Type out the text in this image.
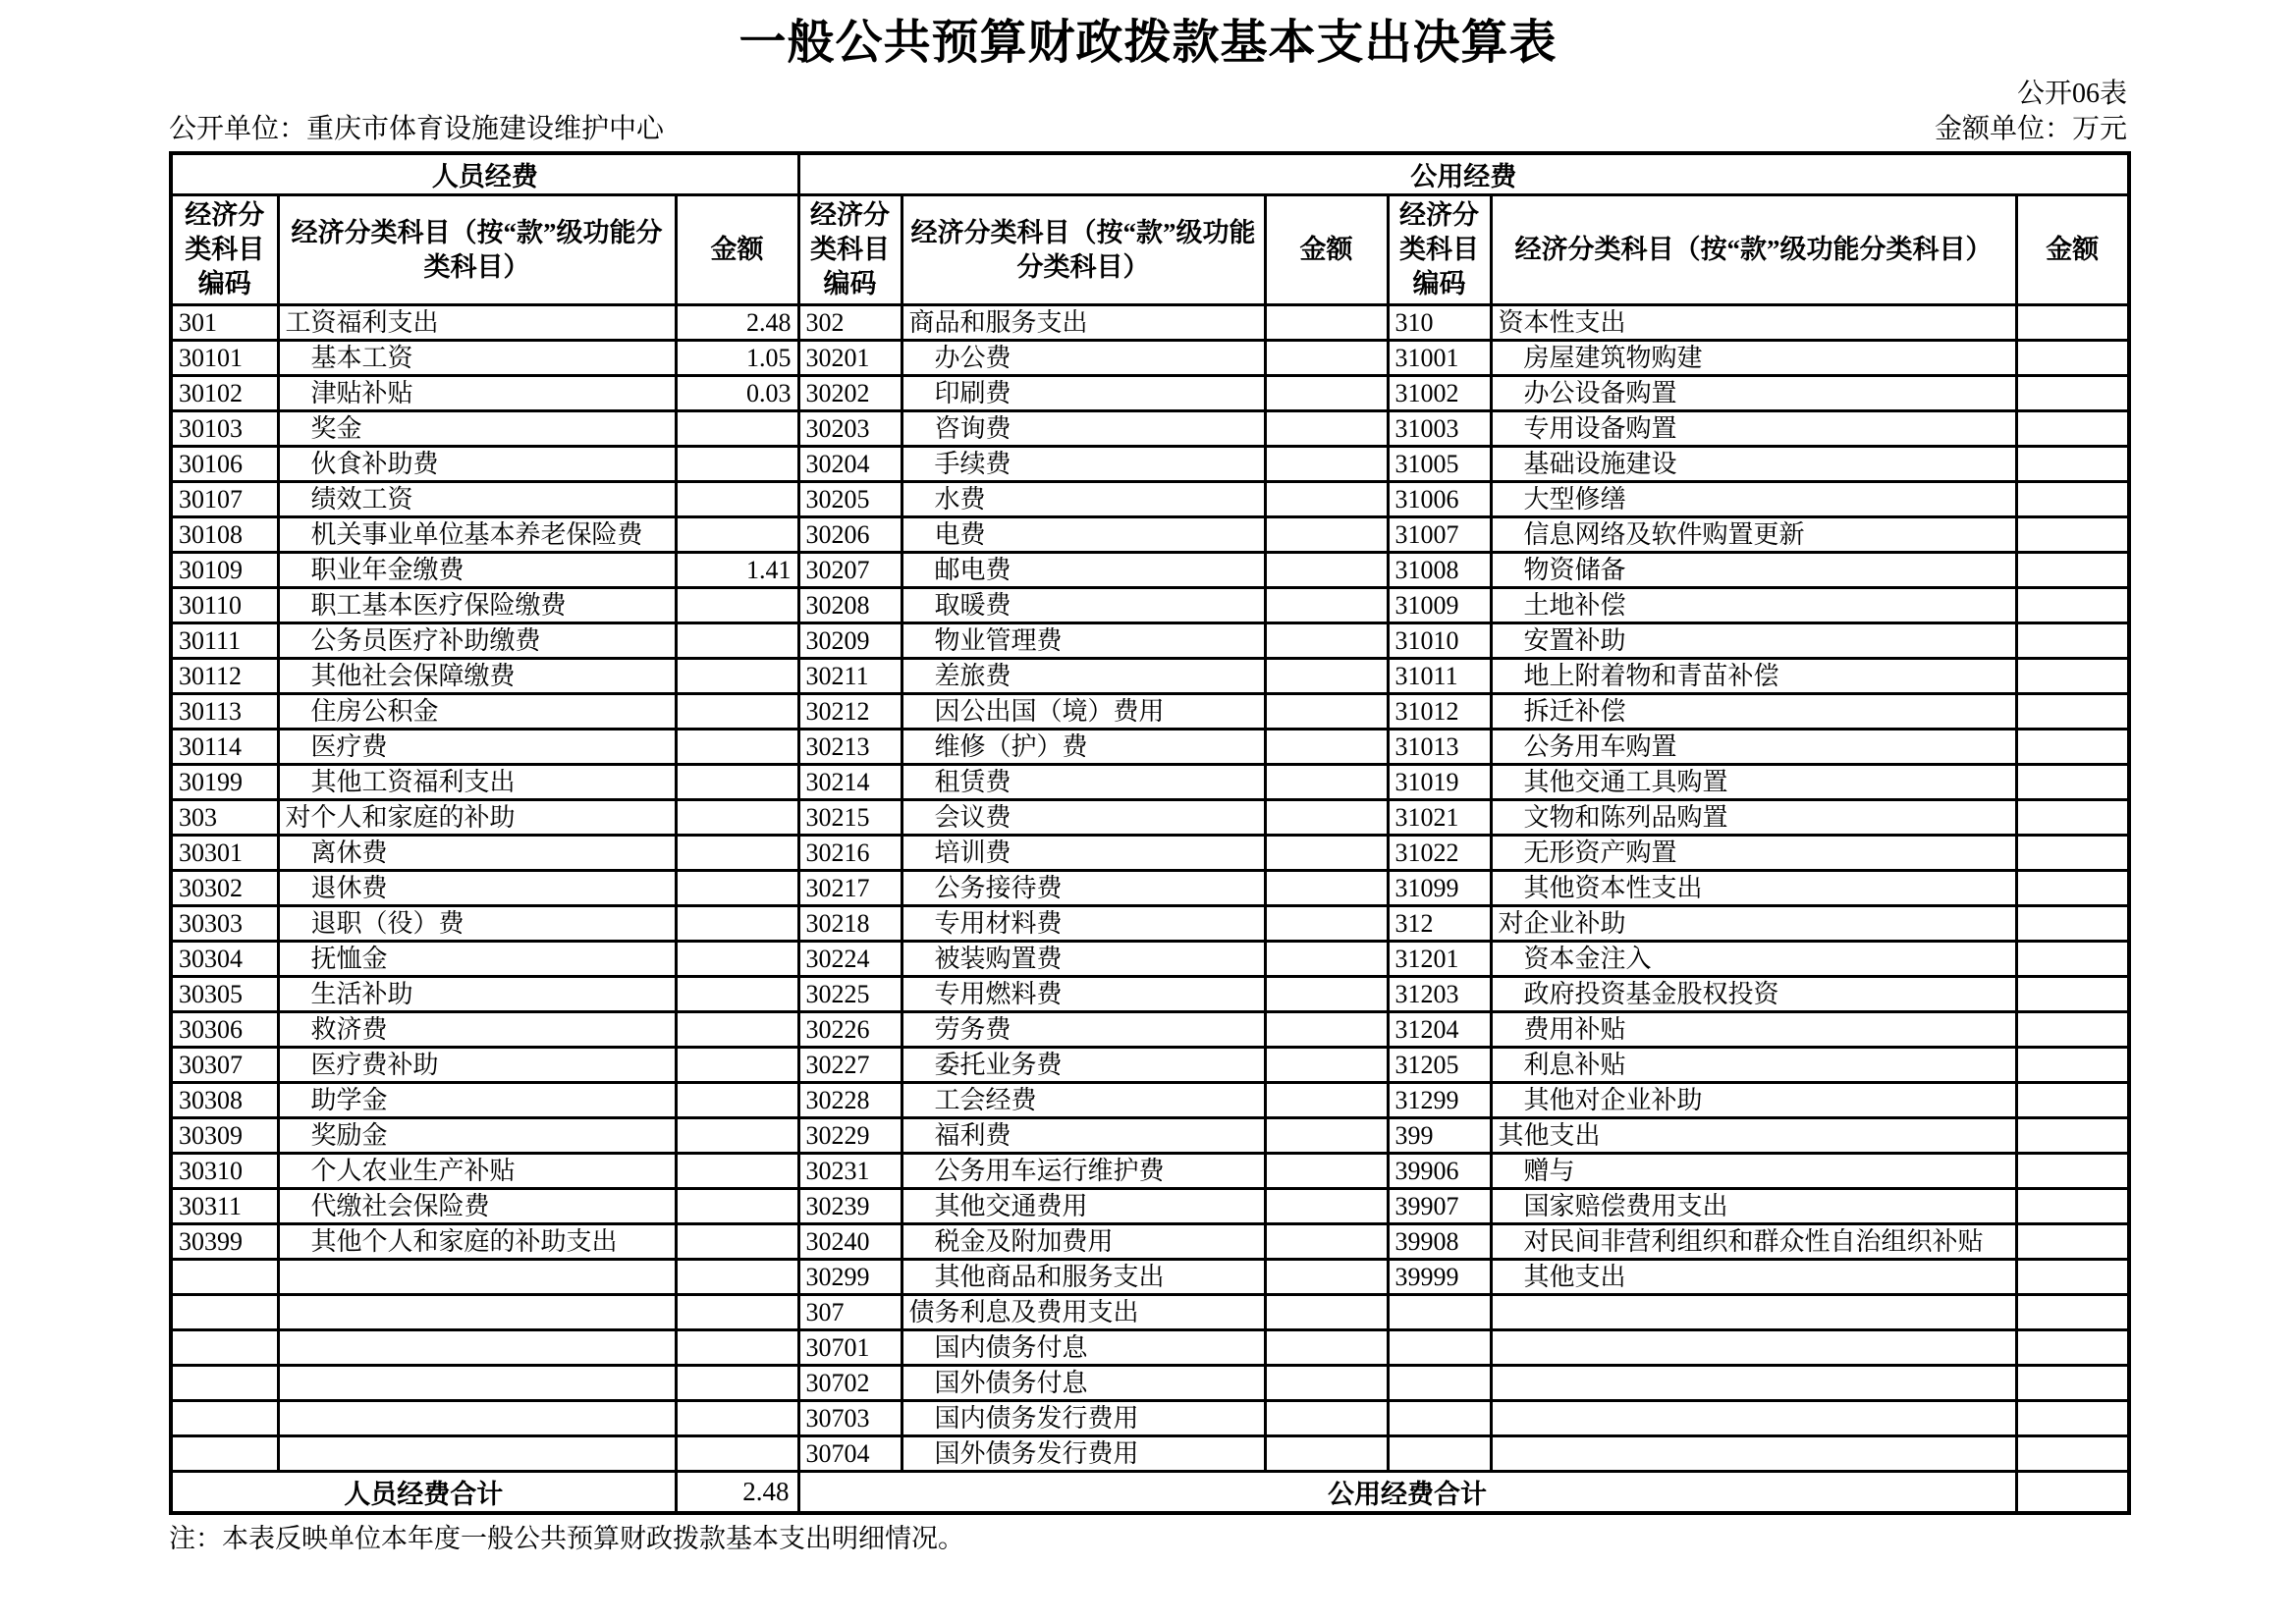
一般公共预算财政拨款基本支出决算表
公开06表
公开单位：重庆市体育设施建设维护中心	金额单位：万元
人员经费			公用经费					
经济分类科目编码	经济分类科目（按“款”级功能分类科目）	金额	经济分类科目编码	经济分类科目（按“款”级功能分类科目）	金额	经济分类科目编码	经济分类科目（按“款”级功能分类科目）	金额
301	工资福利支出	2.48	302	商品和服务支出		310	资本性支出	
30101	　基本工资	1.05	30201	　办公费		31001	　房屋建筑物购建	
30102	　津贴补贴	0.03	30202	　印刷费		31002	　办公设备购置	
30103	　奖金		30203	　咨询费		31003	　专用设备购置	
30106	　伙食补助费		30204	　手续费		31005	　基础设施建设	
30107	　绩效工资		30205	　水费		31006	　大型修缮	
30108	　机关事业单位基本养老保险费		30206	　电费		31007	　信息网络及软件购置更新	
30109	　职业年金缴费	1.41	30207	　邮电费		31008	　物资储备	
30110	　职工基本医疗保险缴费		30208	　取暖费		31009	　土地补偿	
30111	　公务员医疗补助缴费		30209	　物业管理费		31010	　安置补助	
30112	　其他社会保障缴费		30211	　差旅费		31011	　地上附着物和青苗补偿	
30113	　住房公积金		30212	　因公出国（境）费用		31012	　拆迁补偿	
30114	　医疗费		30213	　维修（护）费		31013	　公务用车购置	
30199	　其他工资福利支出		30214	　租赁费		31019	　其他交通工具购置	
303	对个人和家庭的补助		30215	　会议费		31021	　文物和陈列品购置	
30301	　离休费		30216	　培训费		31022	　无形资产购置	
30302	　退休费		30217	　公务接待费		31099	　其他资本性支出	
30303	　退职（役）费		30218	　专用材料费		312	对企业补助	
30304	　抚恤金		30224	　被装购置费		31201	　资本金注入	
30305	　生活补助		30225	　专用燃料费		31203	　政府投资基金股权投资	
30306	　救济费		30226	　劳务费		31204	　费用补贴	
30307	　医疗费补助		30227	　委托业务费		31205	　利息补贴	
30308	　助学金		30228	　工会经费		31299	　其他对企业补助	
30309	　奖励金		30229	　福利费		399	其他支出	
30310	　个人农业生产补贴		30231	　公务用车运行维护费		39906	　赠与	
30311	　代缴社会保险费		30239	　其他交通费用		39907	　国家赔偿费用支出	
30399	　其他个人和家庭的补助支出		30240	　税金及附加费用		39908	　对民间非营利组织和群众性自治组织补贴	
			30299	　其他商品和服务支出		39999	　其他支出	
			307	债务利息及费用支出				
			30701	　国内债务付息				
			30702	　国外债务付息				
			30703	　国内债务发行费用				
			30704	　国外债务发行费用				
人员经费合计		2.48	公用经费合计					

注：本表反映单位本年度一般公共预算财政拨款基本支出明细情况。
